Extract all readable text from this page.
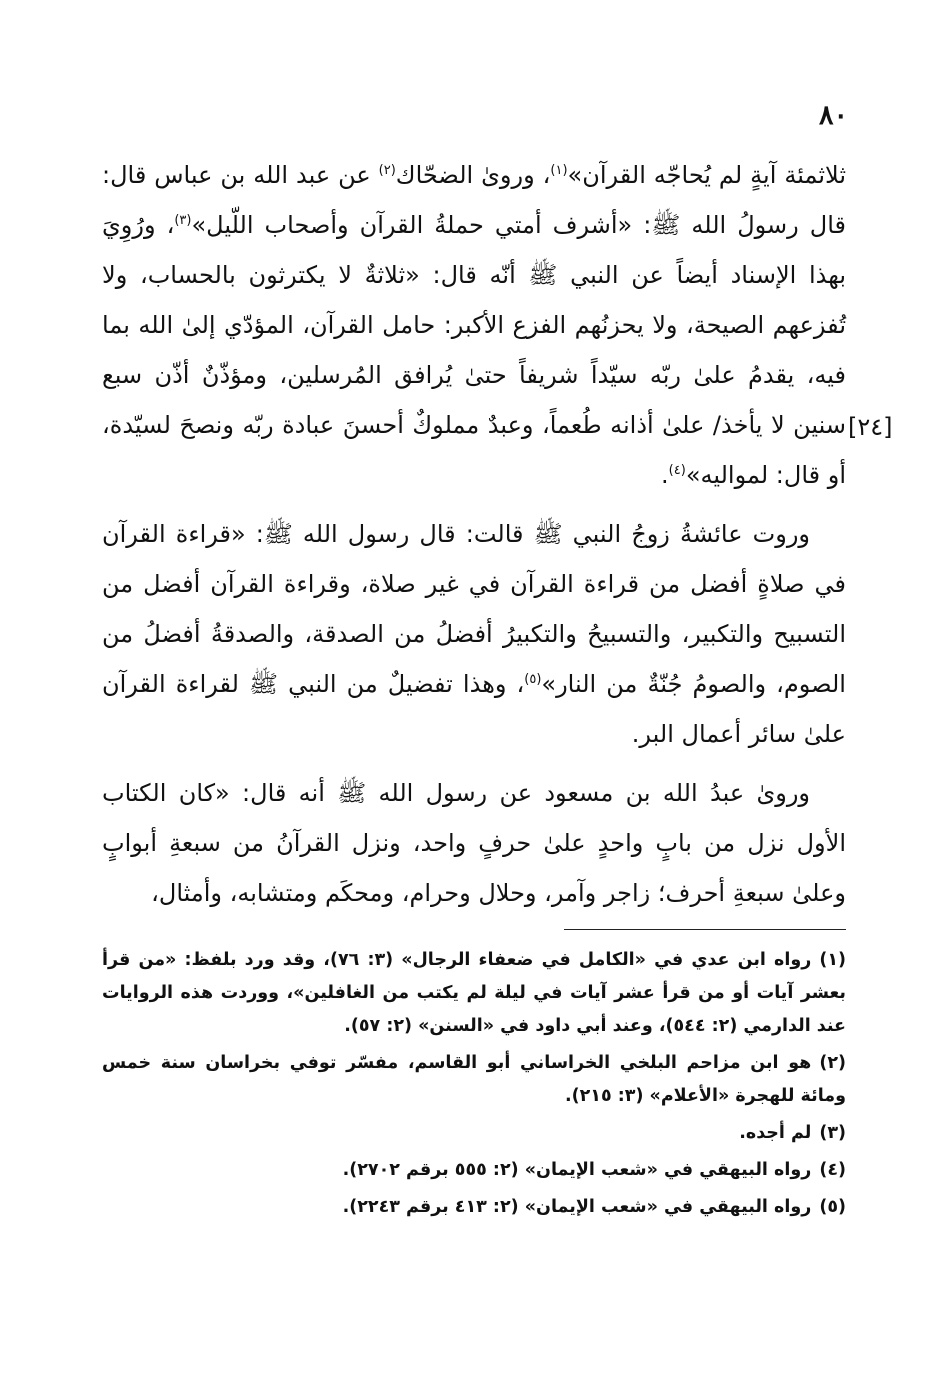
٨٠
[٢٤]

ثلاثمئة آيةٍ لم يُحاجّه القرآن»$^{(١)}$، وروىٰ الضحّاك$^{(٢)}$ عن عبد الله بن عباس قال: قال رسولُ الله ﷺ: «أشرف أمتي حملةُ القرآن وأصحاب اللّيل»$^{(٣)}$، ورُوِيَ بهذا الإسناد أيضاً عن النبي ﷺ أنّه قال: «ثلاثةٌ لا يكترثون بالحساب، ولا تُفزعهم الصيحة، ولا يحزنُهم الفزع الأكبر: حامل القرآن، المؤدّي إلىٰ الله بما فيه، يقدمُ علىٰ ربّه سيّداً شريفاً حتىٰ يُرافق المُرسلين، ومؤذّنٌ أذّن سبع سنين لا يأخذ/ علىٰ أذانه طُعماً، وعبدٌ مملوكٌ أحسنَ عبادة ربّه ونصحَ لسيّدة، أو قال: لمواليه»$^{(٤)}$.

وروت عائشةُ زوجُ النبي ﷺ قالت: قال رسول الله ﷺ: «قراءة القرآن في صلاةٍ أفضل من قراءة القرآن في غير صلاة، وقراءة القرآن أفضل من التسبيح والتكبير، والتسبيحُ والتكبيرُ أفضلُ من الصدقة، والصدقةُ أفضلُ من الصوم، والصومُ جُنّةٌ من النار»$^{(٥)}$، وهذا تفضيلٌ من النبي ﷺ لقراءة القرآن علىٰ سائر أعمال البر.

وروىٰ عبدُ الله بن مسعود عن رسول الله ﷺ أنه قال: «كان الكتاب الأول نزل من بابٍ واحدٍ علىٰ حرفٍ واحد، ونزل القرآنُ من سبعةِ أبوابٍ وعلىٰ سبعةِ أحرف؛ زاجر وآمر، وحلال وحرام، ومحكَم ومتشابه، وأمثال،

(١)رواه ابن عدي في «الكامل في ضعفاء الرجال» (٣: ٧٦)، وقد ورد بلفظ: «من قرأ بعشر آيات أو من قرأ عشر آيات في ليلة لم يكتب من الغافلين»، ووردت هذه الروايات عند الدارمي (٢: ٥٤٤)، وعند أبي داود في «السنن» (٢: ٥٧).

(٢)هو ابن مزاحم البلخي الخراساني أبو القاسم، مفسّر توفي بخراسان سنة خمس ومائة للهجرة «الأعلام» (٣: ٢١٥).

(٣)لم أجده.

(٤)رواه البيهقي في «شعب الإيمان» (٢: ٥٥٥ برقم ٢٧٠٢).

(٥)رواه البيهقي في «شعب الإيمان» (٢: ٤١٣ برقم ٢٢٤٣).
